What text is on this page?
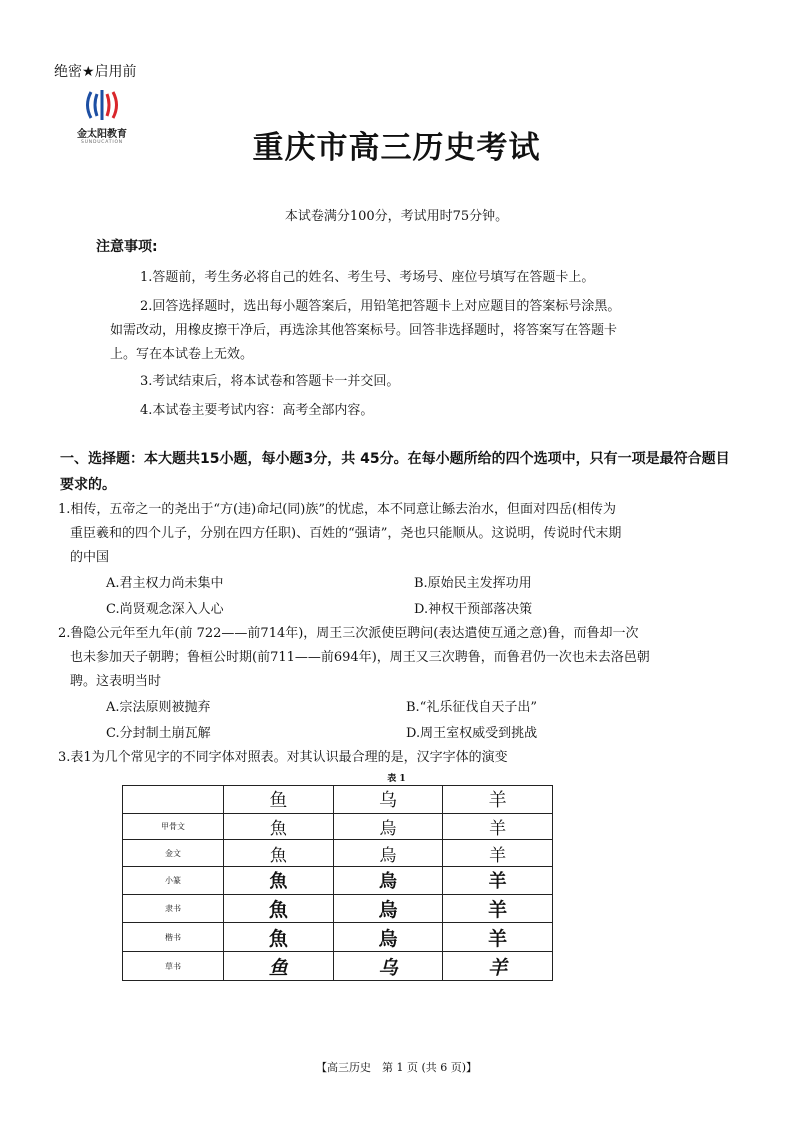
绝密★启用前
金太阳教育
SUNDUCATION	重庆市高三历史考试
本试卷满分100分，考试用时75分钟。
注意事项:
1.答题前，考生务必将自己的姓名、考生号、考场号、座位号填写在答题卡上。
2.回答选择题时，选出每小题答案后，用铅笔把答题卡上对应题目的答案标号涂黑。
如需改动，用橡皮擦干净后，再选涂其他答案标号。回答非选择题时，将答案写在答题卡
上。写在本试卷上无效。
3.考试结束后，将本试卷和答题卡一并交回。
4.本试卷主要考试内容：高考全部内容。
一、选择题：本大题共15小题，每小题3分，共 45分。在每小题所给的四个选项中，只有一项是最符合题目要求的。
1.相传，五帝之一的尧出于“方(违)命圮(同)族”的忧虑，本不同意让鲧去治水，但面对四岳(相传为
重臣羲和的四个儿子，分别在四方任职)、百姓的“强请”，尧也只能顺从。这说明，传说时代末期
的中国
A.君主权力尚未集中	B.原始民主发挥功用
C.尚贤观念深入人心	D.神权干预部落决策
2.鲁隐公元年至九年(前 722——前714年)，周王三次派使臣聘问(表达遣使互通之意)鲁，而鲁却一次
也未参加天子朝聘；鲁桓公时期(前711——前694年)，周王又三次聘鲁，而鲁君仍一次也未去洛邑朝
聘。这表明当时
A.宗法原则被抛弃	B.“礼乐征伐自天子出”
C.分封制土崩瓦解	D.周王室权威受到挑战
3.表1为几个常见字的不同字体对照表。对其认识最合理的是，汉字字体的演变
表 1
	鱼	乌	羊
甲骨文	魚	烏	羊
金文	魚	烏	羊
小篆	魚	烏	羊
隶书	魚	烏	羊
楷书	魚	烏	羊
草书	鱼	乌	羊
【高三历史　第 1 页 (共 6 页)】
